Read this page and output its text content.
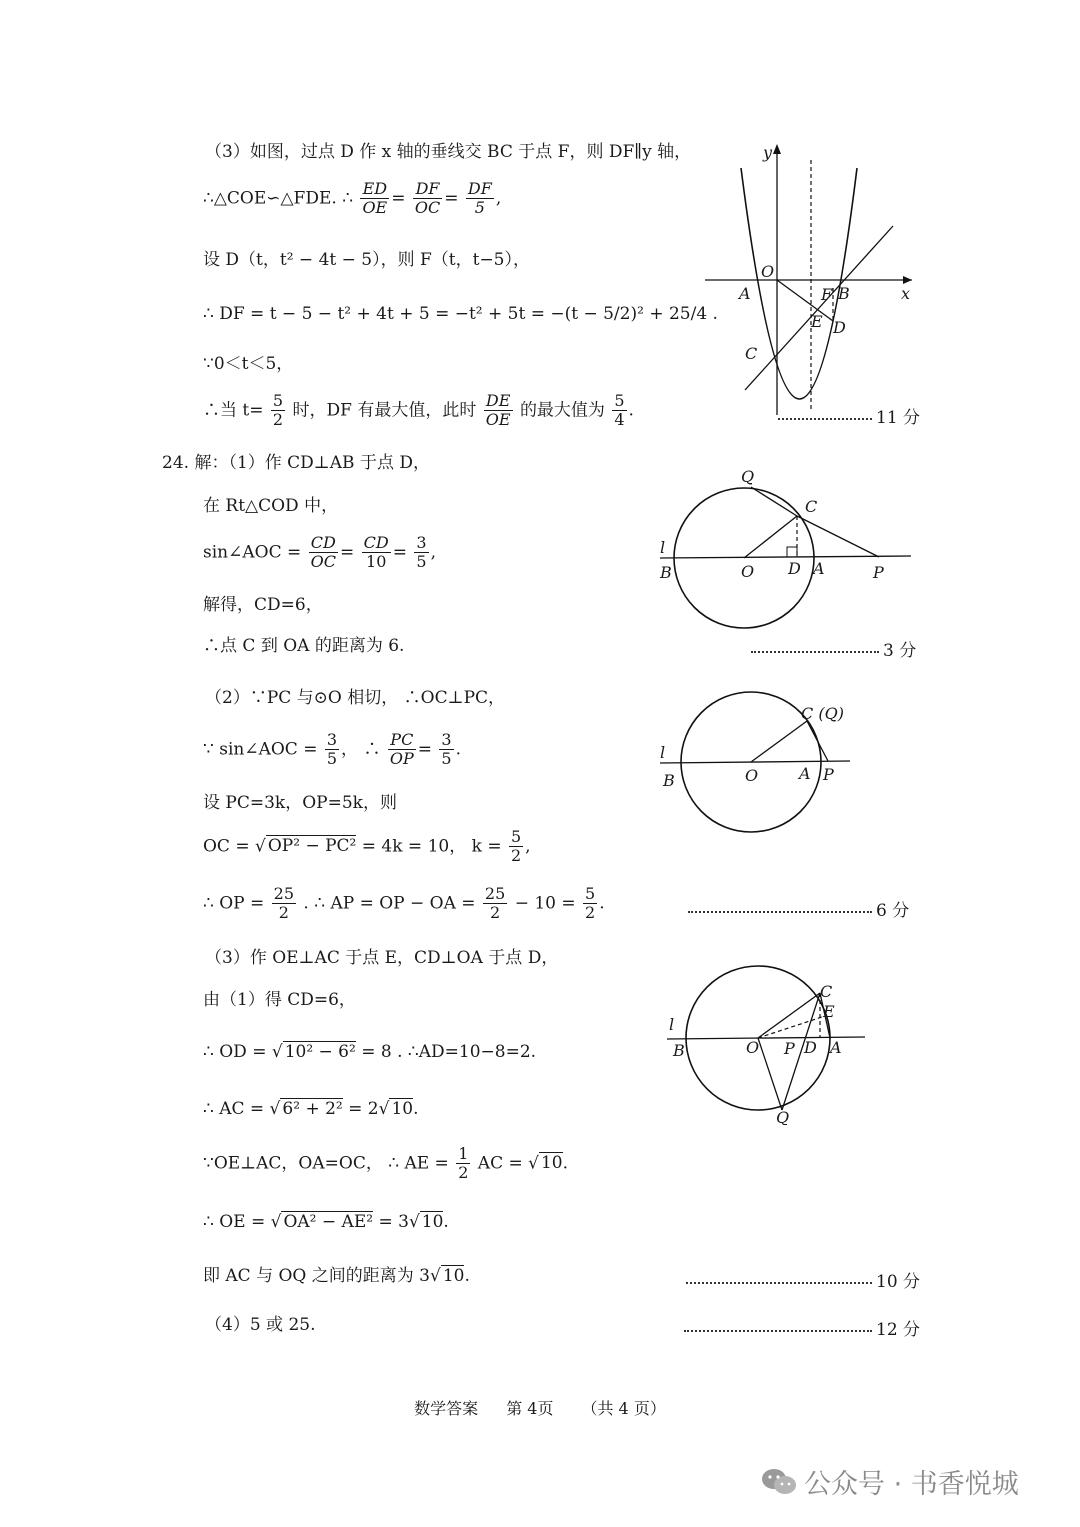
（3）如图，过点 D 作 x 轴的垂线交 BC 于点 F，则 DF∥y 轴，
∴△COE∽△FDE. ∴ $\frac{ED}{OE} = \frac{DF}{OC} = \frac{DF}{5}$ ,
设 D（t，t² − 4t − 5），则 F（t，t−5），
∴ DF = t − 5 − t² + 4t + 5 = −t² + 5t = −(t − 5/2)² + 25/4 .
∵0＜t＜5，
∴当 $t= \frac{5}{2}$ 时，DF 有最大值，此时 $\frac{DE}{OE}$ 的最大值为 $\frac{5}{4}$ .	11 分
y
x
O
A	B
F
E D
C
24. 解：（1）作 CD⊥AB 于点 D，
在 Rt△COD 中，
sin∠AOC = $\frac{CD}{OC} = \frac{CD}{10} = \frac{3}{5}$ ,
解得，CD=6，
∴点 C 到 OA 的距离为 6.	3 分
Q
C
l
B	O D A	P
（2）∵PC 与⊙O 相切， ∴OC⊥PC，
∵ sin∠AOC = $\frac{3}{5}$ ， ∴ $\frac{PC}{OP} = \frac{3}{5}$ .
设 PC=3k，OP=5k，则
OC = √ OP² − PC² = 4k = 10， $k = \frac{5}{2}$ ,
∴ OP = $\frac{25}{2}$ . ∴ AP = OP − OA = $\frac{25}{2} - 10 = \frac{5}{2}$ .	6 分
C (Q)
l
B	O	A P
（3）作 OE⊥AC 于点 E，CD⊥OA 于点 D，
由（1）得 CD=6，
∴ OD = √ 10² − 6² = 8 . ∴AD=10−8=2.
∴ AC = √ 6² + 2² = 2√ 10.
∵OE⊥AC，OA=OC， ∴ AE = $\frac{1}{2}$ AC = √ 10.
∴ OE = √ OA² − AE² = 3√ 10.
即 AC 与 OQ 之间的距离为 3√ 10.	10 分
C
E
l
B	O P D A
Q
（4）5 或 25.	12 分
数学答案 第 4页 （共 4 页）
公众号 · 书香悦城
